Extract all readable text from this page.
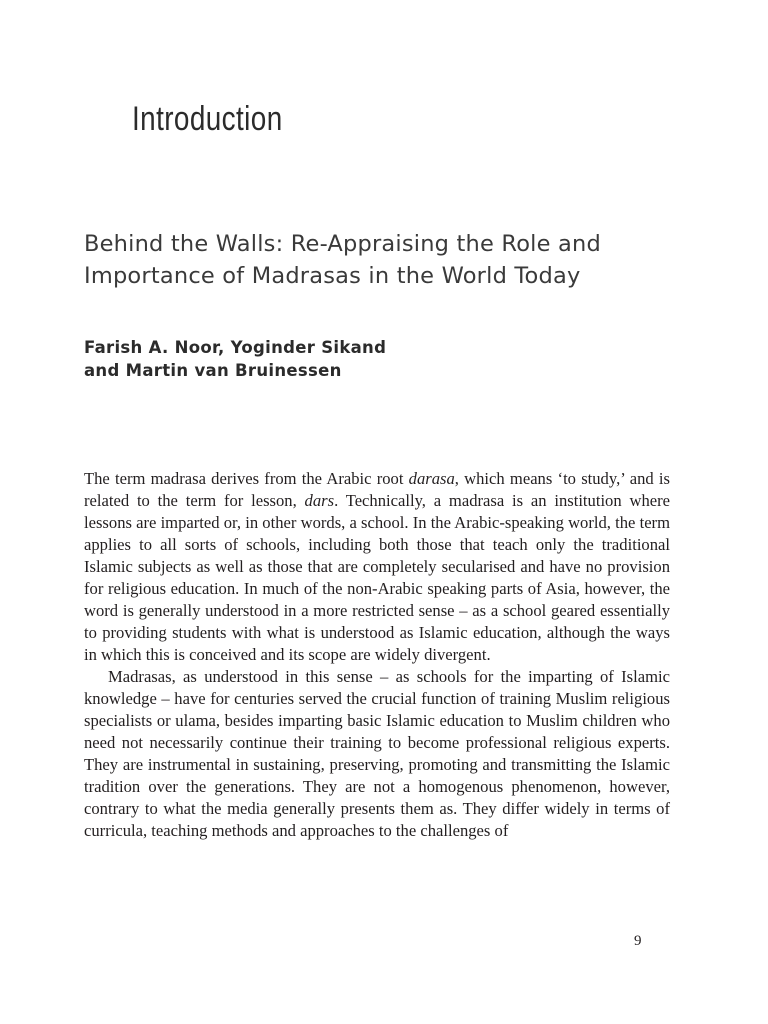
Introduction
Behind the Walls: Re-Appraising the Role and
Importance of Madrasas in the World Today
Farish A. Noor, Yoginder Sikand
and Martin van Bruinessen

The term madrasa derives from the Arabic root darasa, which means ‘to study,’ and is related to the term for lesson, dars. Technically, a madrasa is an institution where lessons are imparted or, in other words, a school. In the Arabic-speaking world, the term applies to all sorts of schools, including both those that teach only the traditional Islamic subjects as well as those that are completely secularised and have no provision for religious education. In much of the non-Arabic speaking parts of Asia, however, the word is generally understood in a more restricted sense – as a school geared essentially to providing students with what is understood as Islamic education, although the ways in which this is conceived and its scope are widely divergent.

Madrasas, as understood in this sense – as schools for the imparting of Islamic knowledge – have for centuries served the crucial function of training Muslim religious specialists or ulama, besides imparting basic Islamic education to Muslim children who need not necessarily continue their training to become professional religious experts. They are instrumental in sustaining, preserving, promoting and transmitting the Islamic tradition over the generations. They are not a homogenous phenomenon, however, contrary to what the media generally presents them as. They differ widely in terms of curricula, teaching methods and approaches to the challenges of

9
